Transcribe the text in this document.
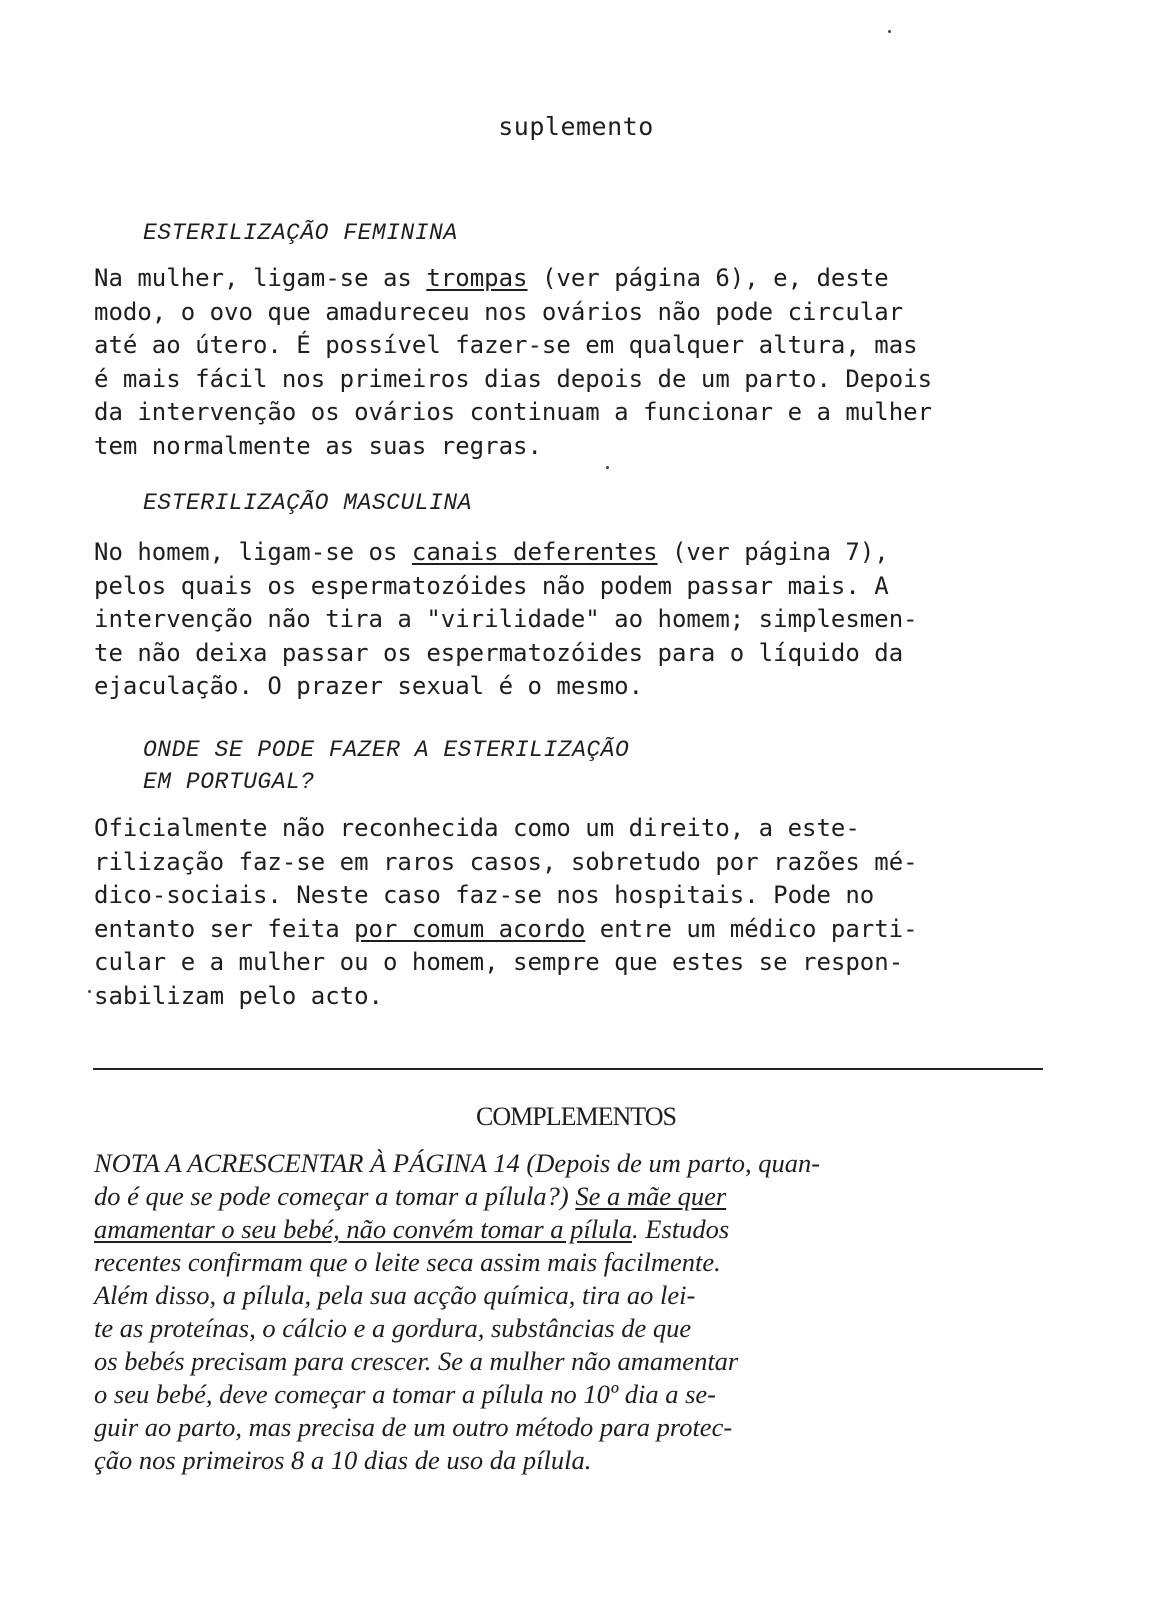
suplemento
ESTERILIZAÇÃO FEMININA
Na mulher, ligam-se as trompas (ver página 6), e, deste
modo, o ovo que amadureceu nos ovários não pode circular
até ao útero. É possível fazer-se em qualquer altura, mas
é mais fácil nos primeiros dias depois de um parto. Depois
da intervenção os ovários continuam a funcionar e a mulher
tem normalmente as suas regras.
ESTERILIZAÇÃO MASCULINA
No homem, ligam-se os canais deferentes (ver página 7),
pelos quais os espermatozóides não podem passar mais. A
intervenção não tira a "virilidade" ao homem; simplesmen-
te não deixa passar os espermatozóides para o líquido da
ejaculação. O prazer sexual é o mesmo.
ONDE SE PODE FAZER A ESTERILIZAÇÃO
EM PORTUGAL?
Oficialmente não reconhecida como um direito, a este-
rilização faz-se em raros casos, sobretudo por razões mé-
dico-sociais. Neste caso faz-se nos hospitais. Pode no
entanto ser feita por comum acordo entre um médico parti-
cular e a mulher ou o homem, sempre que estes se respon-
sabilizam pelo acto.
COMPLEMENTOS
NOTA A ACRESCENTAR À PÁGINA 14 (Depois de um parto, quan-
do é que se pode começar a tomar a pílula?) Se a mãe quer
amamentar o seu bebé, não convém tomar a pílula. Estudos
recentes confirmam que o leite seca assim mais facilmente.
Além disso, a pílula, pela sua acção química, tira ao lei-
te as proteínas, o cálcio e a gordura, substâncias de que
os bebés precisam para crescer. Se a mulher não amamentar
o seu bebé, deve começar a tomar a pílula no 10º dia a se-
guir ao parto, mas precisa de um outro método para protec-
ção nos primeiros 8 a 10 dias de uso da pílula.
